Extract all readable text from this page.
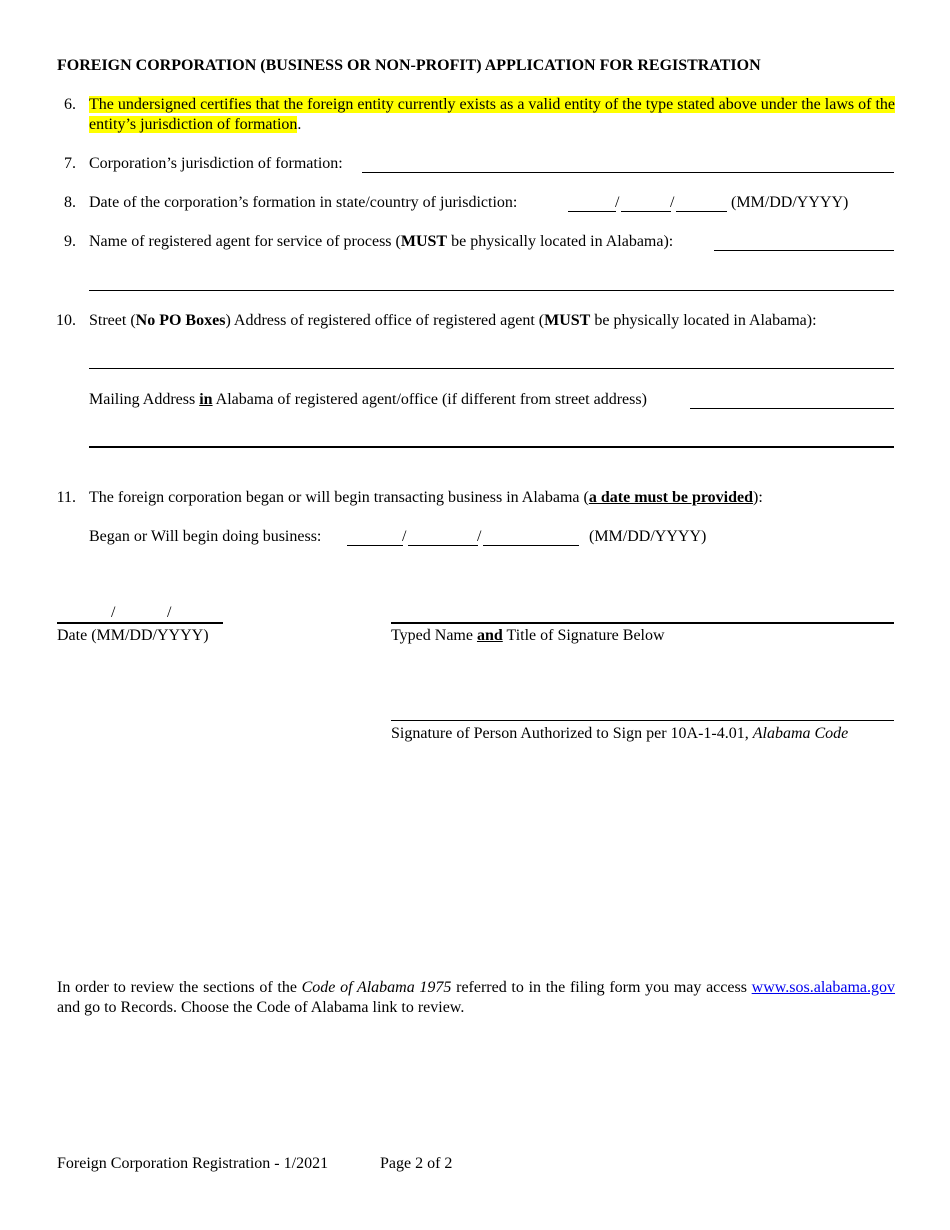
FOREIGN CORPORATION (BUSINESS OR NON-PROFIT) APPLICATION FOR REGISTRATION
6. The undersigned certifies that the foreign entity currently exists as a valid entity of the type stated above under the laws of the entity’s jurisdiction of formation.
7. Corporation’s jurisdiction of formation:
8. Date of the corporation’s formation in state/country of jurisdiction:	/	/	(MM/DD/YYYY)
9. Name of registered agent for service of process (MUST be physically located in Alabama):
10. Street (No PO Boxes) Address of registered office of registered agent (MUST be physically located in Alabama):
Mailing Address in Alabama of registered agent/office (if different from street address)
11. The foreign corporation began or will begin transacting business in Alabama (a date must be provided):
Began or Will begin doing business:	/	/	(MM/DD/YYYY)
/	/
Date (MM/DD/YYYY)	Typed Name and Title of Signature Below
Signature of Person Authorized to Sign per 10A-1-4.01, Alabama Code
In order to review the sections of the Code of Alabama 1975 referred to in the filing form you may access www.sos.alabama.gov and go to Records. Choose the Code of Alabama link to review.
Foreign Corporation Registration - 1/2021	Page 2 of 2
